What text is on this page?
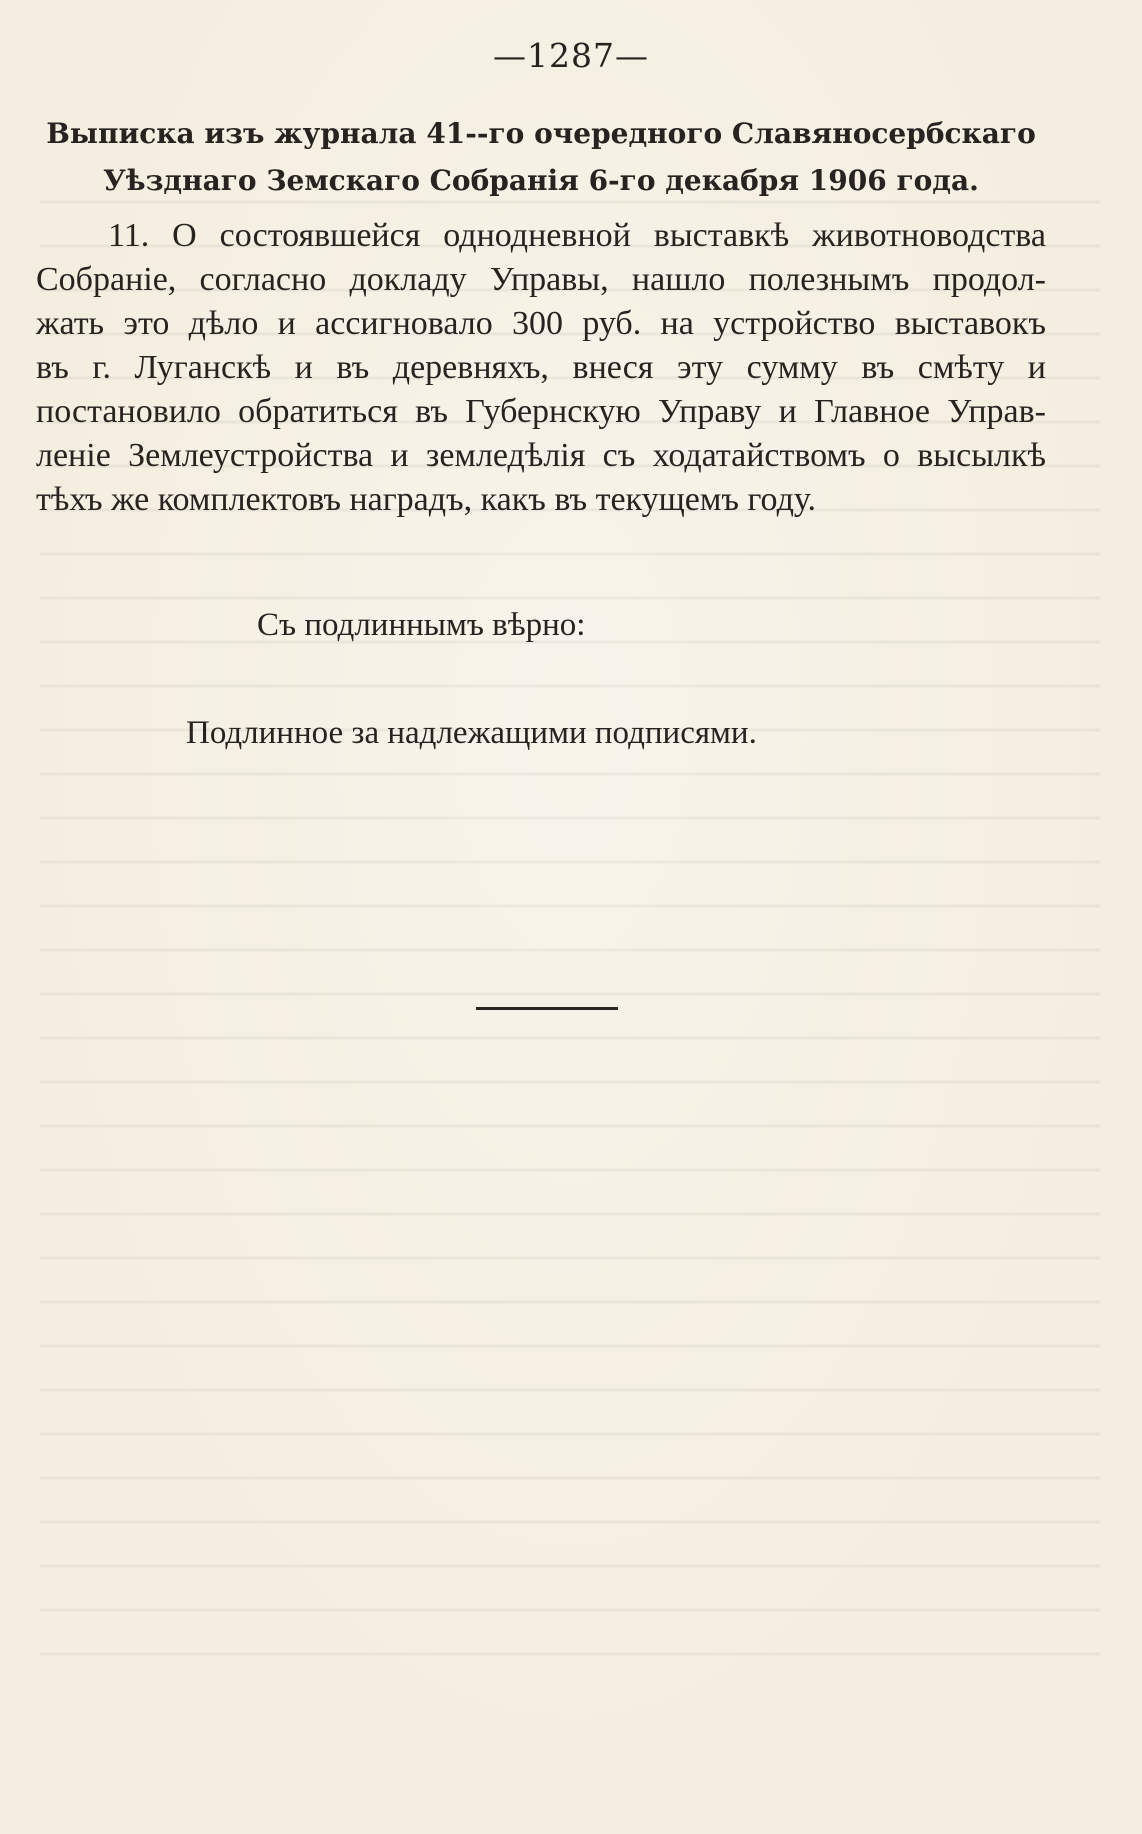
—1287—
Выписка изъ журнала 41--го очередного Славяносербскаго
Уѣзднаго Земскаго Собранія 6-го декабря 1906 года.
11. О состоявшейся однодневной выставкѣ животноводства
Собраніе, согласно докладу Управы, нашло полезнымъ продол-
жать это дѣло и ассигновало 300 руб. на устройство выставокъ
въ г. Луганскѣ и въ деревняхъ, внеся эту сумму въ смѣту и
постановило обратиться въ Губернскую Управу и Главное Управ-
леніе Землеустройства и земледѣлія съ ходатайствомъ о высылкѣ
тѣхъ же комплектовъ наградъ, какъ въ текущемъ году.
Съ подлиннымъ вѣрно:
Подлинное за надлежащими подписями.
